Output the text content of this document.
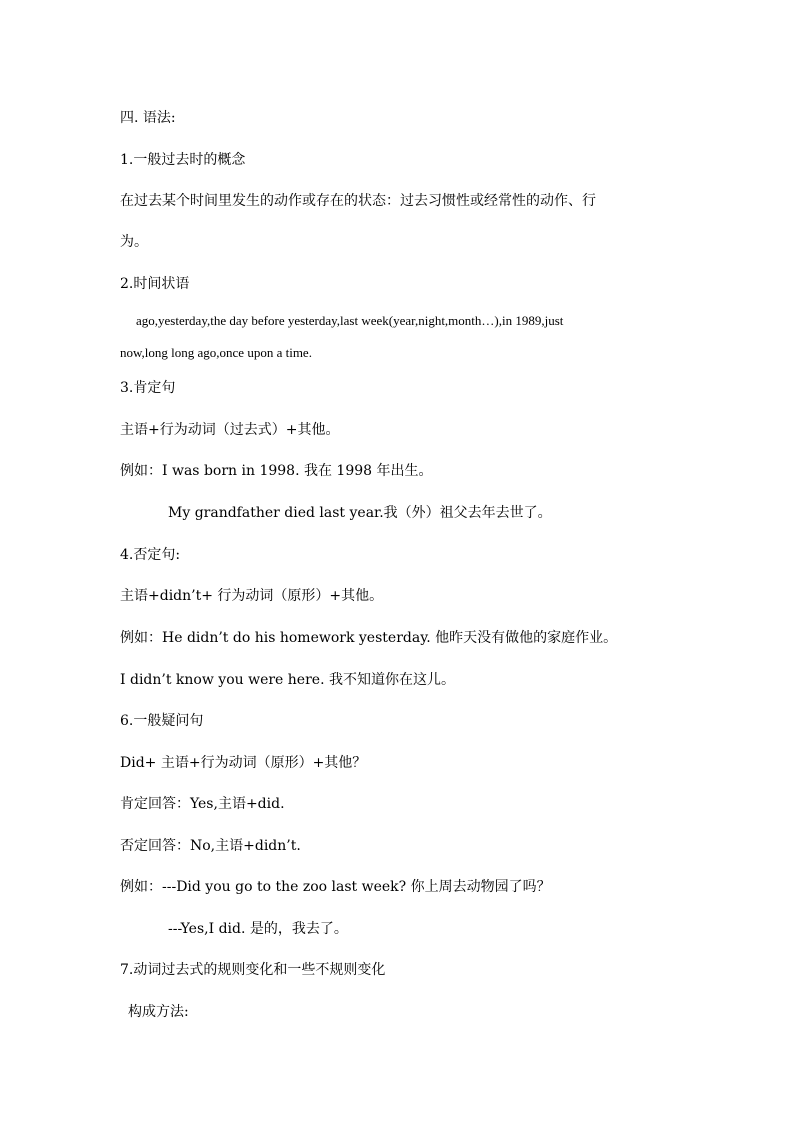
四. 语法:
1.一般过去时的概念
在过去某个时间里发生的动作或存在的状态：过去习惯性或经常性的动作、行
为。
2.时间状语
ago,yesterday,the day before yesterday,last week(year,night,month…),in 1989,just
now,long long ago,once upon a time.
3.肯定句
主语+行为动词（过去式）+其他。
例如：I was born in 1998. 我在 1998 年出生。
My grandfather died last year.我（外）祖父去年去世了。
4.否定句:
主语+didn’t+ 行为动词（原形）+其他。
例如：He didn’t do his homework yesterday. 他昨天没有做他的家庭作业。
I didn’t know you were here. 我不知道你在这儿。
6.一般疑问句
Did+ 主语+行为动词（原形）+其他？
肯定回答：Yes,主语+did.
否定回答：No,主语+didn’t.
例如：---Did you go to the zoo last week? 你上周去动物园了吗？
---Yes,I did. 是的，我去了。
7.动词过去式的规则变化和一些不规则变化
构成方法:
